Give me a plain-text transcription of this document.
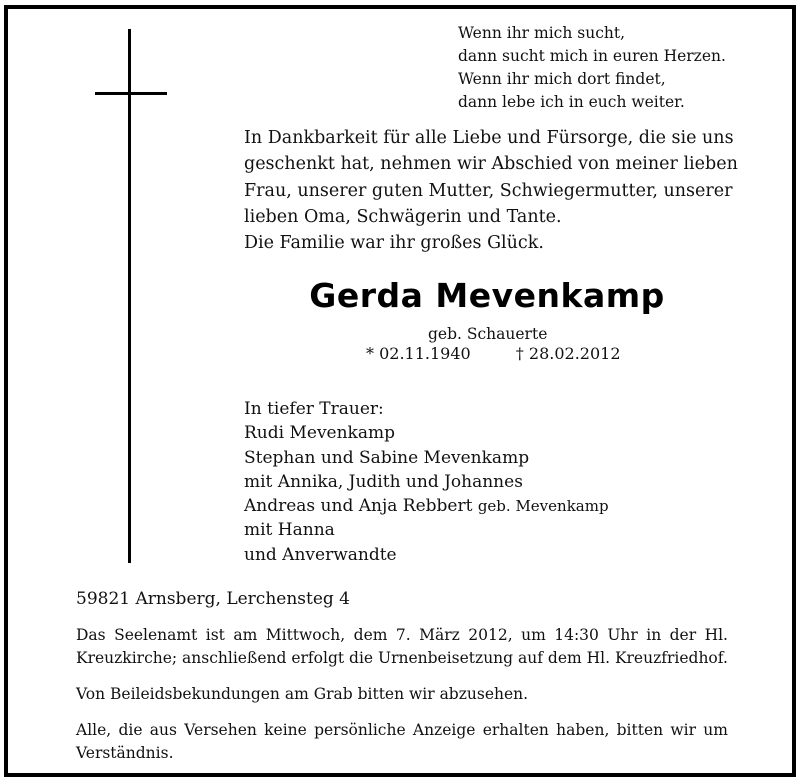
Wenn ihr mich sucht,
dann sucht mich in euren Herzen.
Wenn ihr mich dort findet,
dann lebe ich in euch weiter.
In Dankbarkeit für alle Liebe und Fürsorge, die sie uns
geschenkt hat, nehmen wir Abschied von meiner lieben
Frau, unserer guten Mutter, Schwiegermutter, unserer
lieben Oma, Schwägerin und Tante.
Die Familie war ihr großes Glück.
Gerda Mevenkamp
geb. Schauerte
* 02.11.1940	† 28.02.2012
In tiefer Trauer:
Rudi Mevenkamp
Stephan und Sabine Mevenkamp
mit Annika, Judith und Johannes
Andreas und Anja Rebbert geb. Mevenkamp
mit Hanna
und Anverwandte
59821 Arnsberg, Lerchensteg 4
Das Seelenamt ist am Mittwoch, dem 7. März 2012, um 14:30 Uhr in der Hl. Kreuzkirche; anschließend erfolgt die Urnenbeisetzung auf dem Hl. Kreuzfriedhof.
Von Beileidsbekundungen am Grab bitten wir abzusehen.
Alle, die aus Versehen keine persönliche Anzeige erhalten haben, bitten wir um Verständnis.
